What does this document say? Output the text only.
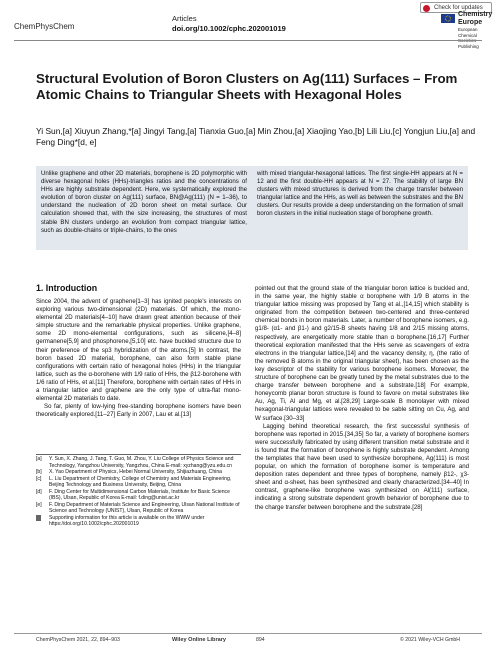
ChemPhysChem
Articles
doi.org/10.1002/cphc.202001019
Check for updates
Chemistry Europe
European Chemical Societies Publishing
Structural Evolution of Boron Clusters on Ag(111) Surfaces – From Atomic Chains to Triangular Sheets with Hexagonal Holes
Yi Sun,[a] Xiuyun Zhang,*[a] Jingyi Tang,[a] Tianxia Guo,[a] Min Zhou,[a] Xiaojing Yao,[b] Lili Liu,[c] Yongjun Liu,[a] and Feng Ding*[d, e]
Unlike graphene and other 2D materials, borophene is 2D polymorphic with diverse hexagonal holes (HHs)-triangles ratios and the concentrations of HHs are highly substrate dependent. Here, we systematically explored the evolution of boron cluster on Ag(111) surface, BN@Ag(111) (N = 1–36), to understand the nucleation of 2D boron sheet on metal surface. Our calculation showed that, with the size increasing, the structures of most stable BN clusters undergo an evolution from compact triangular lattice, such as double-chains or triple-chains, to the ones
with mixed triangular-hexagonal lattices. The first single-HH appears at N = 12 and the first double-HH appears at N = 27. The stability of large BN clusters with mixed structures is derived from the charge transfer between triangular lattice and the HHs, as well as between the substrates and the BN clusters. Our results provide a deep understanding on the formation of small boron clusters in the initial nucleation stage of borophene growth.
1. Introduction

Since 2004, the advent of graphene[1–3] has ignited people's interests on exploring various two-dimensional (2D) materials. Of which, the mono-elemental 2D materials[4–10] have drawn great attention because of their simple structure and the remarkable physical properties. Unlike graphene, some 2D mono-elemental configurations, such as silicene,[4–8] germanene[5,9] and phosphorene,[5,10] etc. have buckled structure due to their preference of the sp3 hybridization of the atoms.[5] In contrast, the boron based 2D material, borophene, can also form stable plane configurations with certain ratio of hexagonal holes (HHs) in the triangular lattice, such as the α-borohene with 1/9 ratio of HHs, the β12-borohene with 1/6 ratio of HHs, et al.[11] Therefore, borophene with certain rates of HHs in a triangular lattice and graphene are the only type of ultra-flat mono-elemental 2D materials to date.

So far, plenty of low-lying free-standing borophene isomers have been theoretically explored.[11–27] Early in 2007, Lau et al.[13]

pointed out that the ground state of the triangular boron lattice is buckled and, in the same year, the highly stable α borophene with 1/9 B atoms in the triangular lattice missing was proposed by Tang et al.,[14,15] which stability is originated from the competition between two-centered and three-centered chemical bonds in boron materials. Later, a number of borophene isomers, e.g. g1/8- (α1- and β1-) and g2/15-B sheets having 1/8 and 2/15 missing atoms, respectively, are energetically more stable than α borophene.[16,17] Further theoretical exploration manifested that the HHs serve as scavengers of extra electrons in the triangular lattice,[14] and the vacancy density, η, (the ratio of the removed B atoms in the original triangular sheet), has been chosen as the key descriptor of the stability for various borophene isomers. Moreover, the structure of borophene can be greatly tuned by the metal substrates due to the charge transfer between borophene and a substrate.[18] For example, honeycomb planar boron structure is found to favore on metal substrates like Au, Ag, Ti, Al and Mg, et al.[28,29] Large-scale B monolayer with mixed hexagonal-triangular lattices were revealed to be sable sitting on Cu, Ag, and W surface.[30–33]

Lagging behind theoretical research, the first successful synthesis of borophene was reported in 2015.[34,35] So far, a variety of borophene isomers were successfully fabricated by using different transition metal substrate and it is found that the formation of borophene is highly substrate dependent. Among the templates that have been used to synthesize borophene, Ag(111) is most popular, on which the formation of borophene isomer is temperature and deposition rates dependent and three types of borophene, namely β12-, χ3-sheet and α-sheet, has been synthesized and clearly characterized.[34–40] In contrast, graphene-like borophene was synthesized on Al(111) surface, indicating a strong substrate dependent growth behavior of borophene due to the charge transfer between borophene and the substrate.[28]

[a]	Y. Sun, X. Zhang, J. Tang, T. Guo, M. Zhou, Y. Liu College of Physics Science and Technology, Yangzhou University, Yangzhou, China E-mail: xyzhang@yzu.edu.cn
[b]	X. Yao Department of Physics, Hebei Normal University, Shijiazhuang, China
[c]	L. Liu Department of Chemistry, College of Chemistry and Materials Engineering, Beijing Technology and Business University, Beijing, China
[d]	F. Ding Center for Multidimensional Carbon Materials, Institute for Basic Science (IBS), Ulsan, Republic of Korea E-mail: f.ding@unist.ac.kr
[e]	F. Ding Department of Materials Science and Engineering, Ulsan National Institute of Science and Technology (UNIST), Ulsan, Republic of Korea
Supporting information for this article is available on the WWW under https://doi.org/10.1002/cphc.202001019
ChemPhysChem 2021, 22, 894–903	Wiley Online Library	894	© 2021 Wiley-VCH GmbH
